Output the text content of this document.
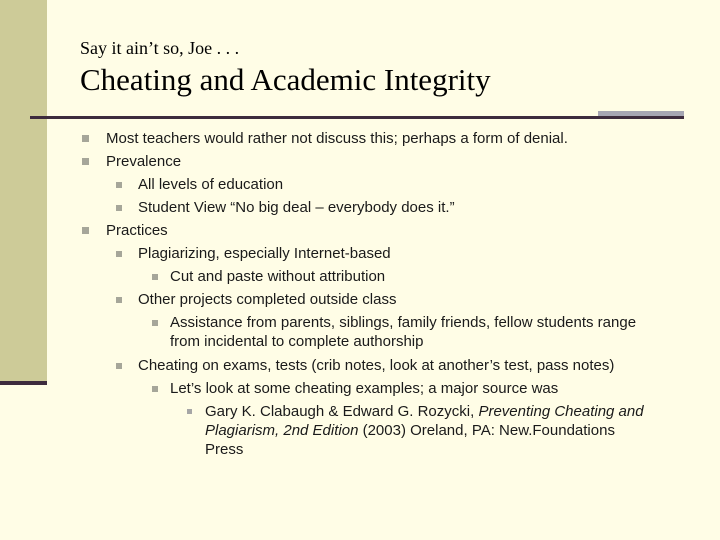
Say it ain’t so, Joe . . .
Cheating and Academic Integrity
Most teachers would rather not discuss this; perhaps a form of denial.
Prevalence
All levels of education
Student View “No big deal – everybody does it.”
Practices
Plagiarizing, especially Internet-based
Cut and paste without attribution
Other projects completed outside class
Assistance from parents, siblings, family friends, fellow students range
from incidental to complete authorship
Cheating on exams, tests (crib notes, look at another’s test, pass notes)
Let’s look at some cheating examples; a major source was
Gary K. Clabaugh & Edward G. Rozycki, Preventing Cheating and
Plagiarism, 2nd Edition (2003) Oreland, PA: New.Foundations
Press
